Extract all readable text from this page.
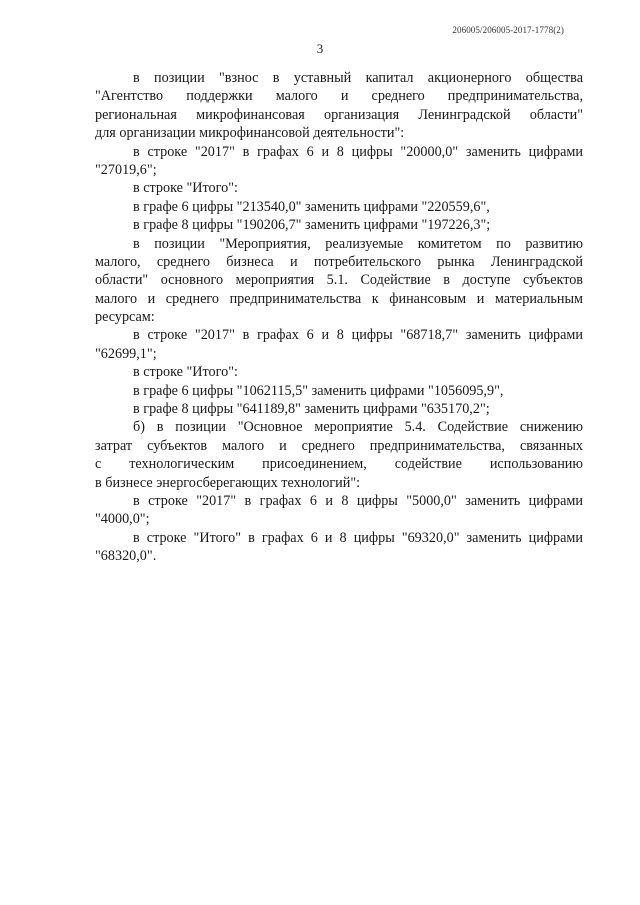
206005/206005-2017-1778(2)
3
в позиции "взнос в уставный капитал акционерного общества
"Агентство поддержки малого и среднего предпринимательства,
региональная микрофинансовая организация Ленинградской области"
для организации микрофинансовой деятельности":
в строке "2017" в графах 6 и 8 цифры "20000,0" заменить цифрами
"27019,6";
в строке "Итого":
в графе 6 цифры "213540,0" заменить цифрами "220559,6",
в графе 8 цифры "190206,7" заменить цифрами "197226,3";
в позиции "Мероприятия, реализуемые комитетом по развитию
малого, среднего бизнеса и потребительского рынка Ленинградской
области" основного мероприятия 5.1. Содействие в доступе субъектов
малого и среднего предпринимательства к финансовым и материальным
ресурсам:
в строке "2017" в графах 6 и 8 цифры "68718,7" заменить цифрами
"62699,1";
в строке "Итого":
в графе 6 цифры "1062115,5" заменить цифрами "1056095,9",
в графе 8 цифры "641189,8" заменить цифрами "635170,2";
б) в позиции "Основное мероприятие 5.4. Содействие снижению
затрат субъектов малого и среднего предпринимательства, связанных
с технологическим присоединением, содействие использованию
в бизнесе энергосберегающих технологий":
в строке "2017" в графах 6 и 8 цифры "5000,0" заменить цифрами
"4000,0";
в строке "Итого" в графах 6 и 8 цифры "69320,0" заменить цифрами
"68320,0".
